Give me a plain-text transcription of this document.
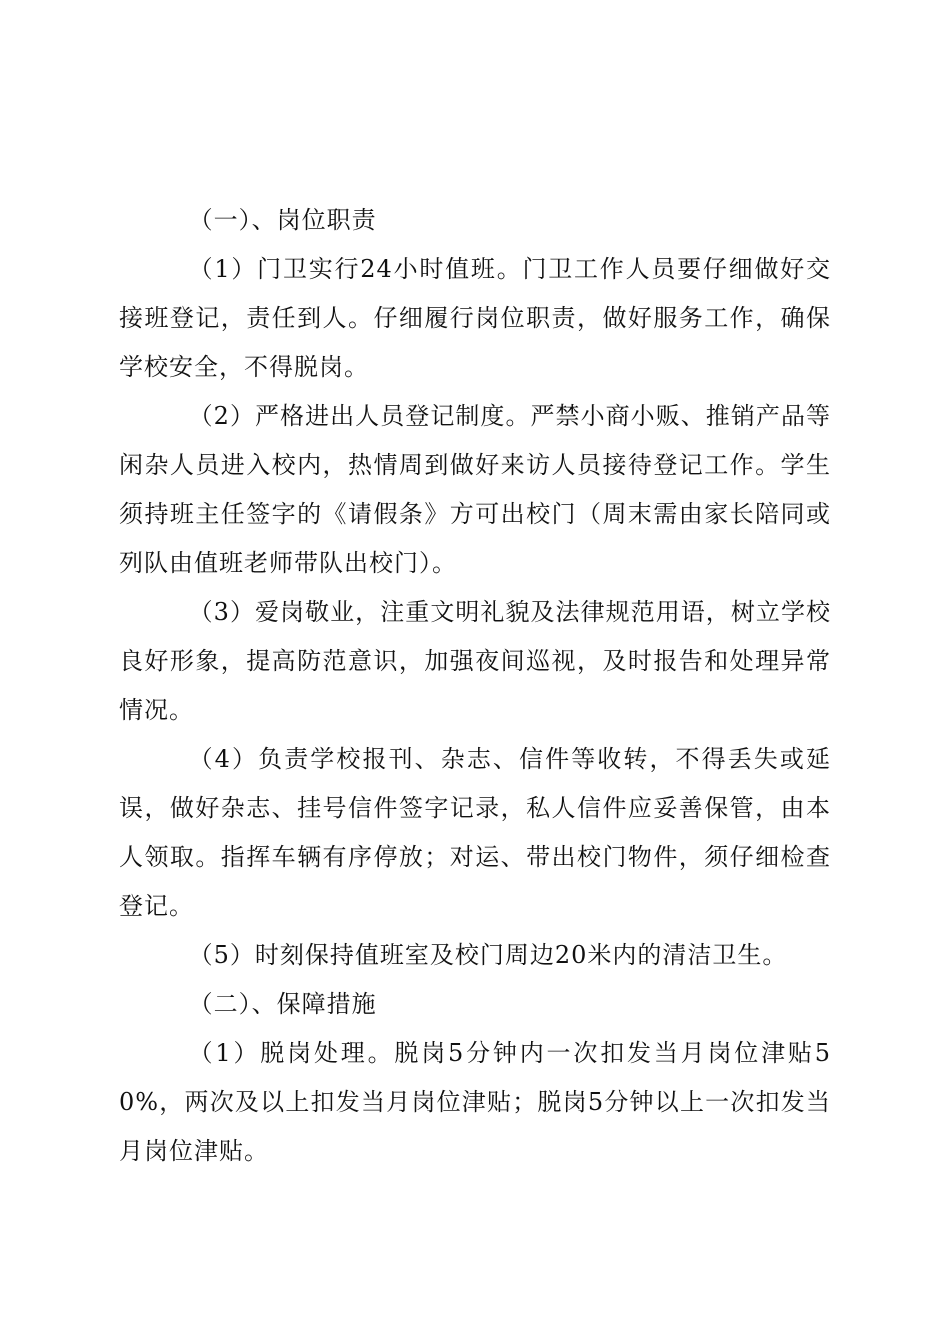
（一）、岗位职责

（1）门卫实行24小时值班。门卫工作人员要仔细做好交接班登记，责任到人。仔细履行岗位职责，做好服务工作，确保学校安全，不得脱岗。

（2）严格进出人员登记制度。严禁小商小贩、推销产品等闲杂人员进入校内，热情周到做好来访人员接待登记工作。学生须持班主任签字的《请假条》方可出校门（周末需由家长陪同或列队由值班老师带队出校门）。

（3）爱岗敬业，注重文明礼貌及法律规范用语，树立学校良好形象，提高防范意识，加强夜间巡视，及时报告和处理异常情况。

（4）负责学校报刊、杂志、信件等收转，不得丢失或延误，做好杂志、挂号信件签字记录，私人信件应妥善保管，由本人领取。指挥车辆有序停放；对运、带出校门物件，须仔细检查登记。

（5）时刻保持值班室及校门周边20米内的清洁卫生。

（二）、保障措施

（1）脱岗处理。脱岗5分钟内一次扣发当月岗位津贴50%，两次及以上扣发当月岗位津贴；脱岗5分钟以上一次扣发当月岗位津贴。
